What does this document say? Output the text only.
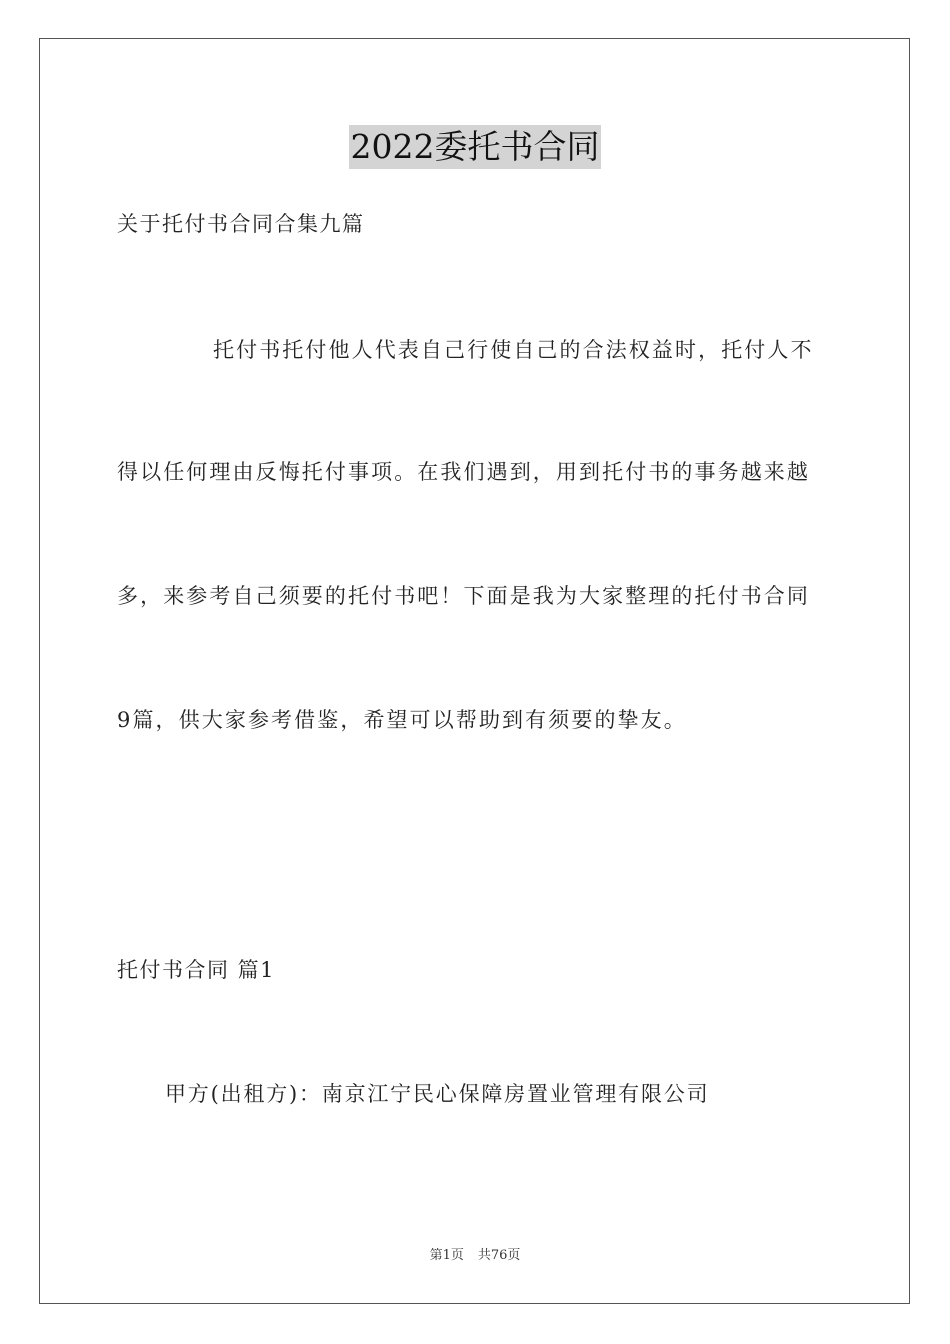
2022委托书合同
关于托付书合同合集九篇
托付书托付他人代表自己行使自己的合法权益时，托付人不
得以任何理由反悔托付事项。在我们遇到，用到托付书的事务越来越
多，来参考自己须要的托付书吧！下面是我为大家整理的托付书合同
9篇，供大家参考借鉴，希望可以帮助到有须要的挚友。
托付书合同 篇1
甲方(出租方)：南京江宁民心保障房置业管理有限公司
第1页 共76页
